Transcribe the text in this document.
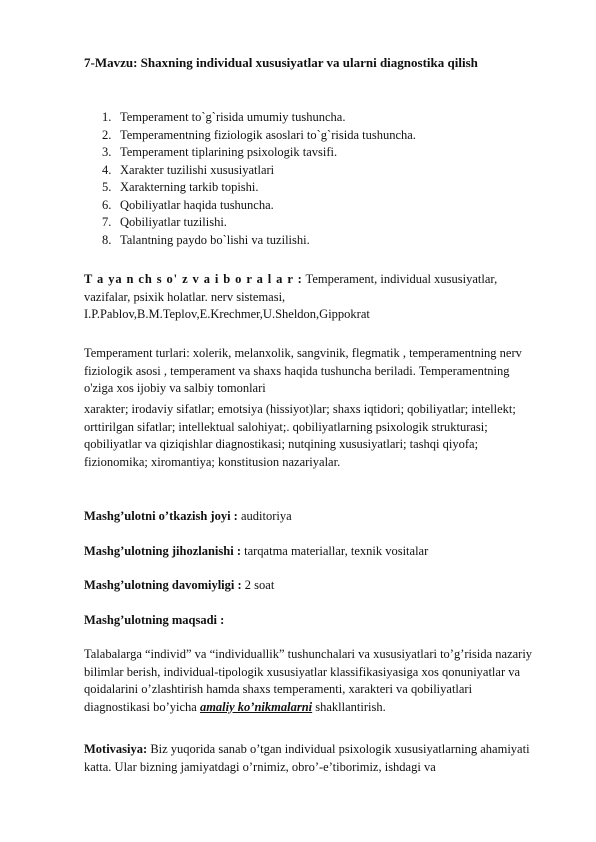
7-Mavzu: Shaxning individual xususiyatlar va ularni diagnostika qilish
1. Temperament to`g`risida umumiy tushuncha.
2. Temperamentning fiziologik asoslari to`g`risida tushuncha.
3. Temperament tiplarining psixologik tavsifi.
4. Xarakter tuzilishi xususiyatlari
5. Xarakterning tarkib topishi.
6. Qobiliyatlar haqida tushuncha.
7. Qobiliyatlar tuzilishi.
8. Talantning paydo bo`lishi va tuzilishi.
T a ya n ch s o' z v a i b o r a l a r : Temperament, individual xususiyatlar, vazifalar, psixik holatlar. nerv sistemasi, I.P.Pablov,B.M.Teplov,E.Krechmer,U.Sheldon,Gippokrat
Temperament turlari: xolerik, melanxolik, sangvinik, flegmatik , temperamentning nerv fiziologik asosi , temperament va shaxs haqida tushuncha beriladi. Temperamentning o'ziga xos ijobiy va salbiy tomonlari
xarakter; irodaviy sifatlar; emotsiya (hissiyot)lar; shaxs iqtidori; qobiliyatlar; intellekt; orttirilgan sifatlar; intellektual salohiyat;. qobiliyatlarning psixologik strukturasi; qobiliyatlar va qiziqishlar diagnostikasi; nutqining xususiyatlari; tashqi qiyofa; fizionomika; xiromantiya; konstitusion nazariyalar.
Mashg’ulotni o’tkazish joyi : auditoriya
Mashg’ulotning jihozlanishi : tarqatma materiallar, texnik vositalar
Mashg’ulotning davomiyligi : 2 soat
Mashg’ulotning maqsadi :
Talabalarga “individ” va “individuallik” tushunchalari va xususiyatlari to’g’risida nazariy bilimlar berish, individual-tipologik xususiyatlar klassifikasiyasiga xos qonuniyatlar va qoidalarini o’zlashtirish hamda shaxs temperamenti, xarakteri va qobiliyatlari diagnostikasi bo’yicha amaliy ko’nikmalarni shakllantirish.
Motivasiya: Biz yuqorida sanab o’tgan individual psixologik xususiyatlarning ahamiyati katta. Ular bizning jamiyatdagi o’rnimiz, obro’-e’tiborimiz, ishdagi va
